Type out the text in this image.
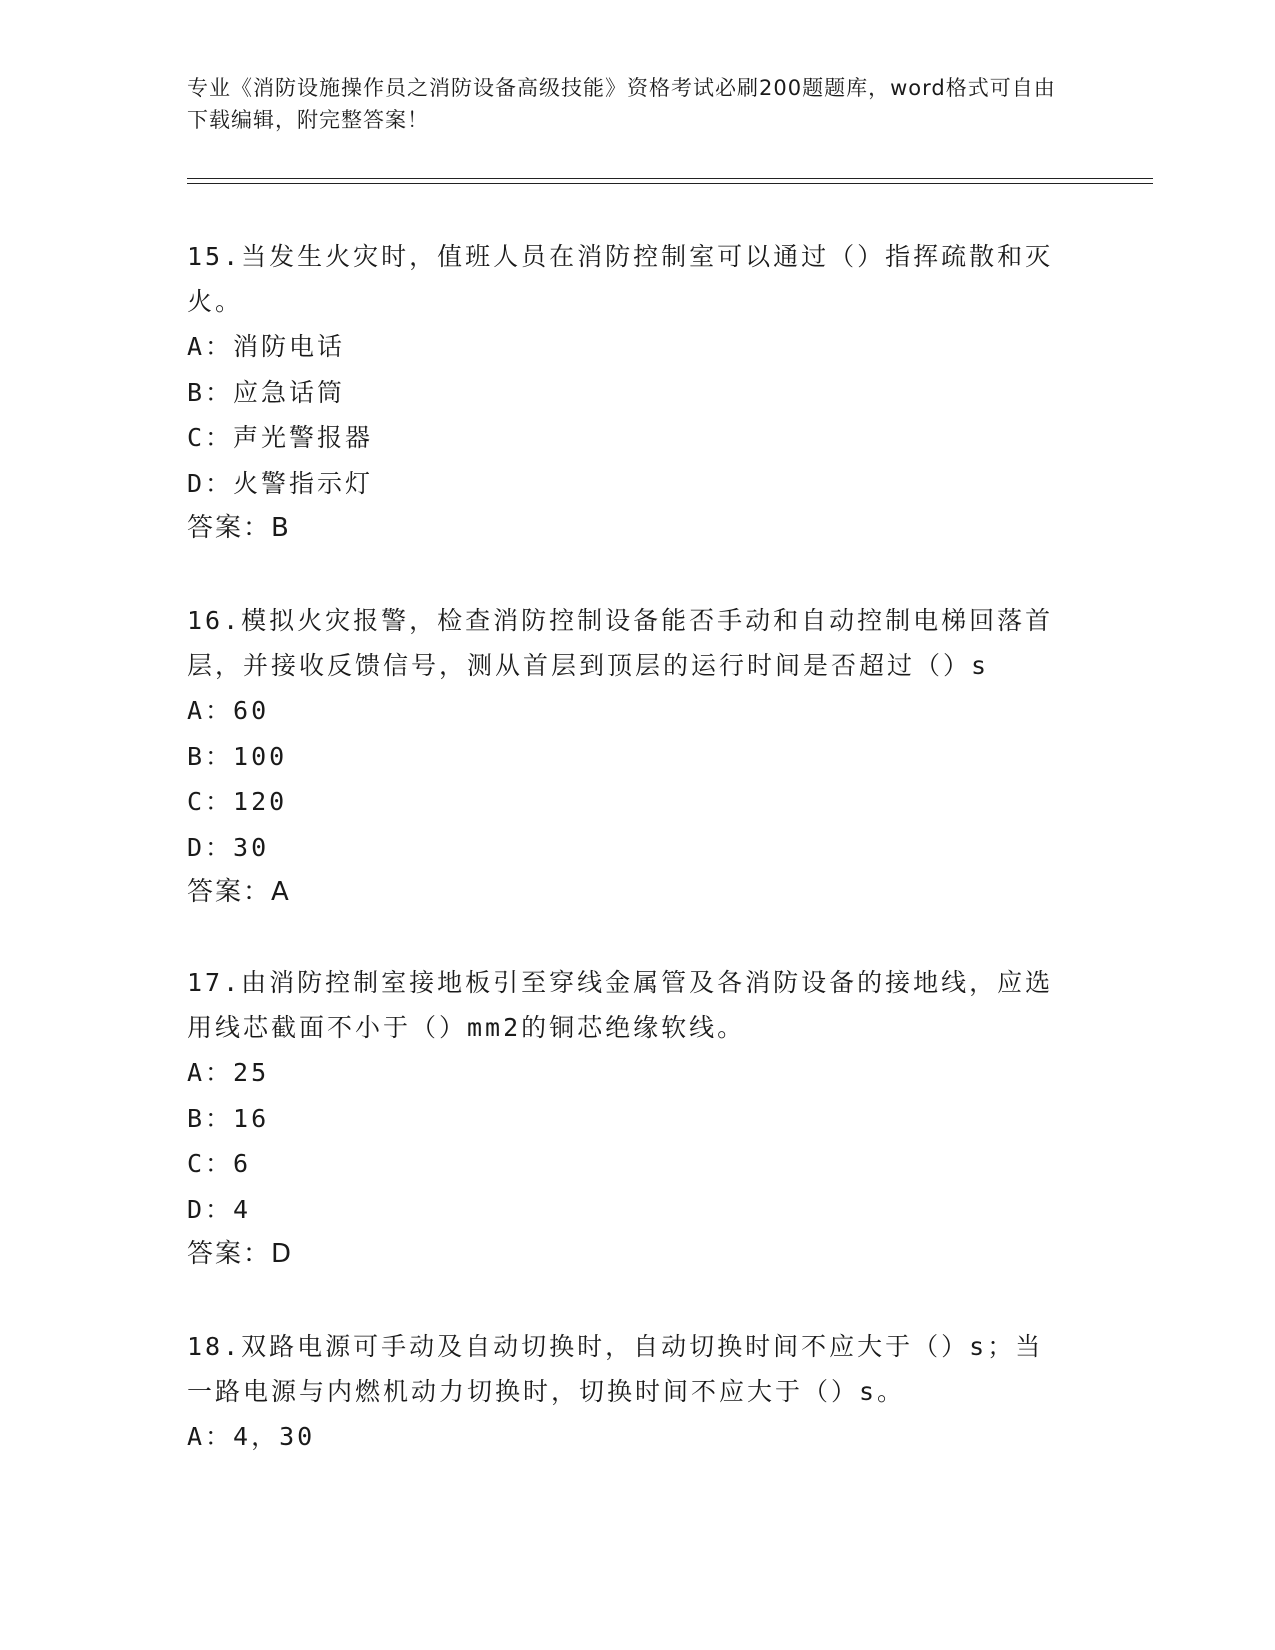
专业《消防设施操作员之消防设备高级技能》资格考试必刷200题题库，word格式可自由下载编辑，附完整答案！

15.当发生火灾时，值班人员在消防控制室可以通过（）指挥疏散和灭火。

A：消防电话

B：应急话筒

C：声光警报器

D：火警指示灯

答案：B

16.模拟火灾报警，检查消防控制设备能否手动和自动控制电梯回落首层，并接收反馈信号，测从首层到顶层的运行时间是否超过（）s

A：60

B：100

C：120

D：30

答案：A

17.由消防控制室接地板引至穿线金属管及各消防设备的接地线，应选用线芯截面不小于（）mm2的铜芯绝缘软线。

A：25

B：16

C：6

D：4

答案：D

18.双路电源可手动及自动切换时，自动切换时间不应大于（）s；当一路电源与内燃机动力切换时，切换时间不应大于（）s。

A：4，30
